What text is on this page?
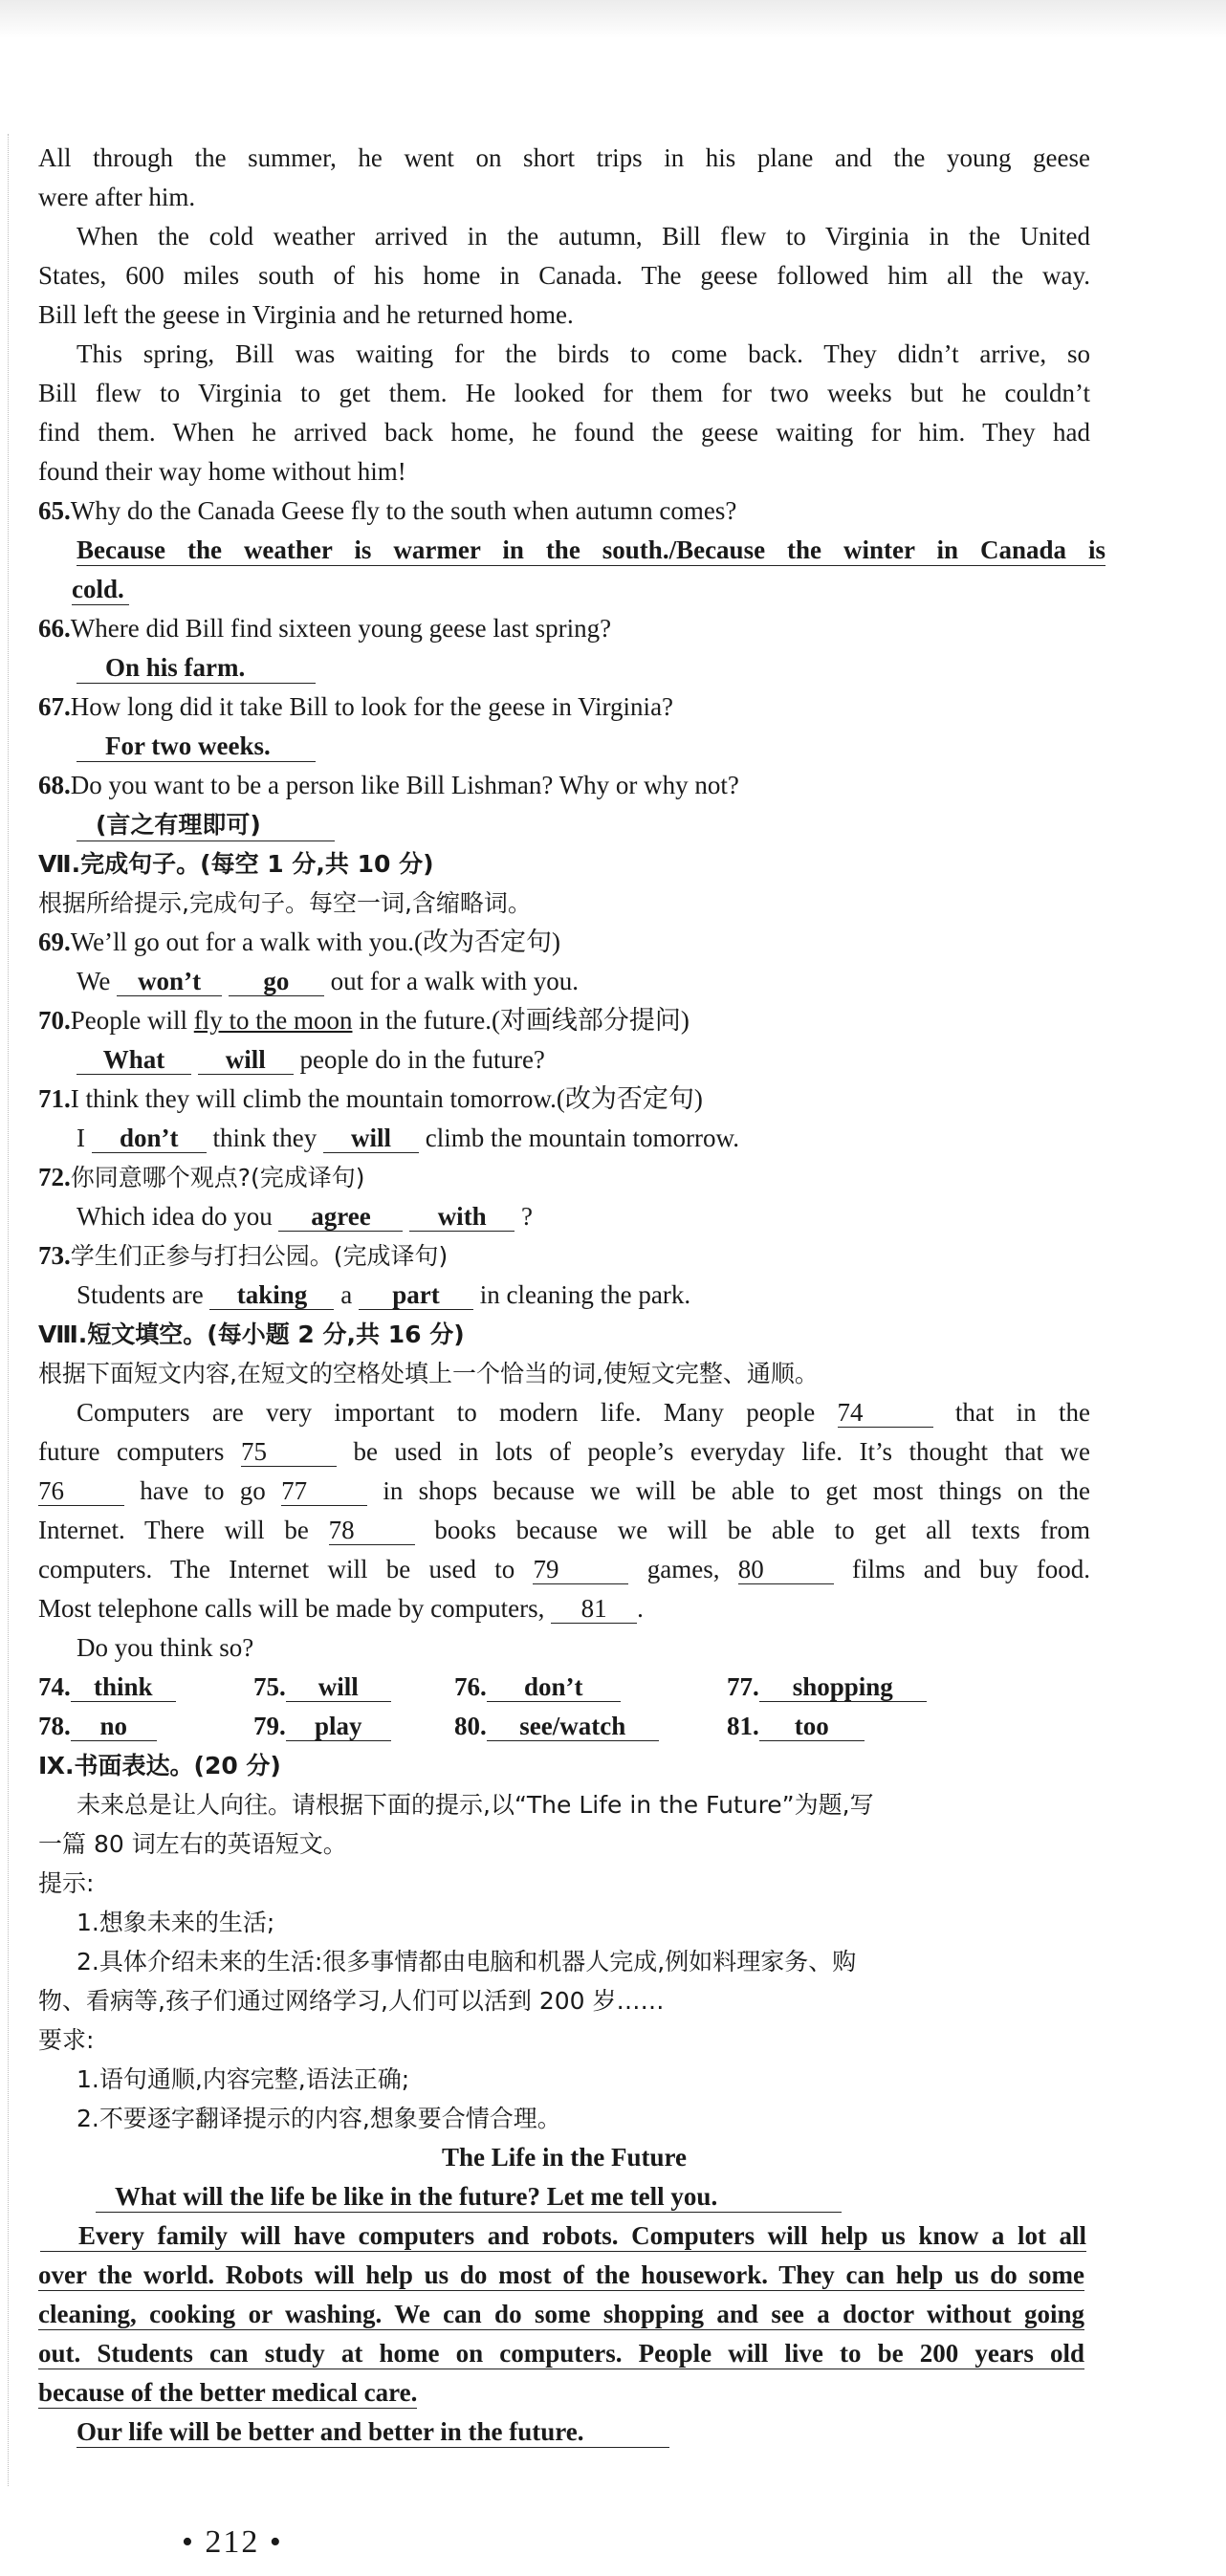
All through the summer, he went on short trips in his plane and the young geese
were after him.
When the cold weather arrived in the autumn, Bill flew to Virginia in the United
States, 600 miles south of his home in Canada. The geese followed him all the way.
Bill left the geese in Virginia and he returned home.
This spring, Bill was waiting for the birds to come back. They didn’t arrive, so
Bill flew to Virginia to get them. He looked for them for two weeks but he couldn’t
find them. When he arrived back home, he found the geese waiting for him. They had
found their way home without him!
65.Why do the Canada Geese fly to the south when autumn comes?
Because the weather is warmer in the south./Because the winter in Canada is
cold.
66.Where did Bill find sixteen young geese last spring?
On his farm.
67.How long did it take Bill to look for the geese in Virginia?
For two weeks.
68.Do you want to be a person like Bill Lishman? Why or why not?
(言之有理即可)
Ⅶ.完成句子。(每空 1 分,共 10 分)
根据所给提示,完成句子。每空一词,含缩略词。
69.We’ll go out for a walk with you.(改为否定句)
We won’t go out for a walk with you.
70.People will fly to the moon in the future.(对画线部分提问)
What will people do in the future?
71.I think they will climb the mountain tomorrow.(改为否定句)
I don’t think they will climb the mountain tomorrow.
72.你同意哪个观点?(完成译句)
Which idea do you agree	with ?
73.学生们正参与打扫公园。(完成译句)
Students are taking a part in cleaning the park.
Ⅷ.短文填空。(每小题 2 分,共 16 分)
根据下面短文内容,在短文的空格处填上一个恰当的词,使短文完整、通顺。
Computers are very important to modern life. Many people 74	that in the
future computers 75	be used in lots of people’s everyday life. It’s thought that we
76	have to go 77	in shops because we will be able to get most things on the
Internet. There will be 78	books because we will be able to get all texts from
computers. The Internet will be used to 79	games, 80	films and buy food.
Most telephone calls will be made by computers, 81 .
Do you think so?
74. think	75. will	76. don’t	77. shopping
78. no	79. play	80. see/watch	81. too
Ⅸ.书面表达。(20 分)
未来总是让人向往。请根据下面的提示,以“The Life in the Future”为题,写
一篇 80 词左右的英语短文。
提示:
1.想象未来的生活;
2.具体介绍未来的生活:很多事情都由电脑和机器人完成,例如料理家务、购
物、看病等,孩子们通过网络学习,人们可以活到 200 岁……
要求:
1.语句通顺,内容完整,语法正确;
2.不要逐字翻译提示的内容,想象要合情合理。
The Life in the Future
What will the life be like in the future? Let me tell you.
Every family will have computers and robots. Computers will help us know a lot all
over the world. Robots will help us do most of the housework. They can help us do some
cleaning, cooking or washing. We can do some shopping and see a doctor without going
out. Students can study at home on computers. People will live to be 200 years old
because of the better medical care.
Our life will be better and better in the future.
• 212 •
